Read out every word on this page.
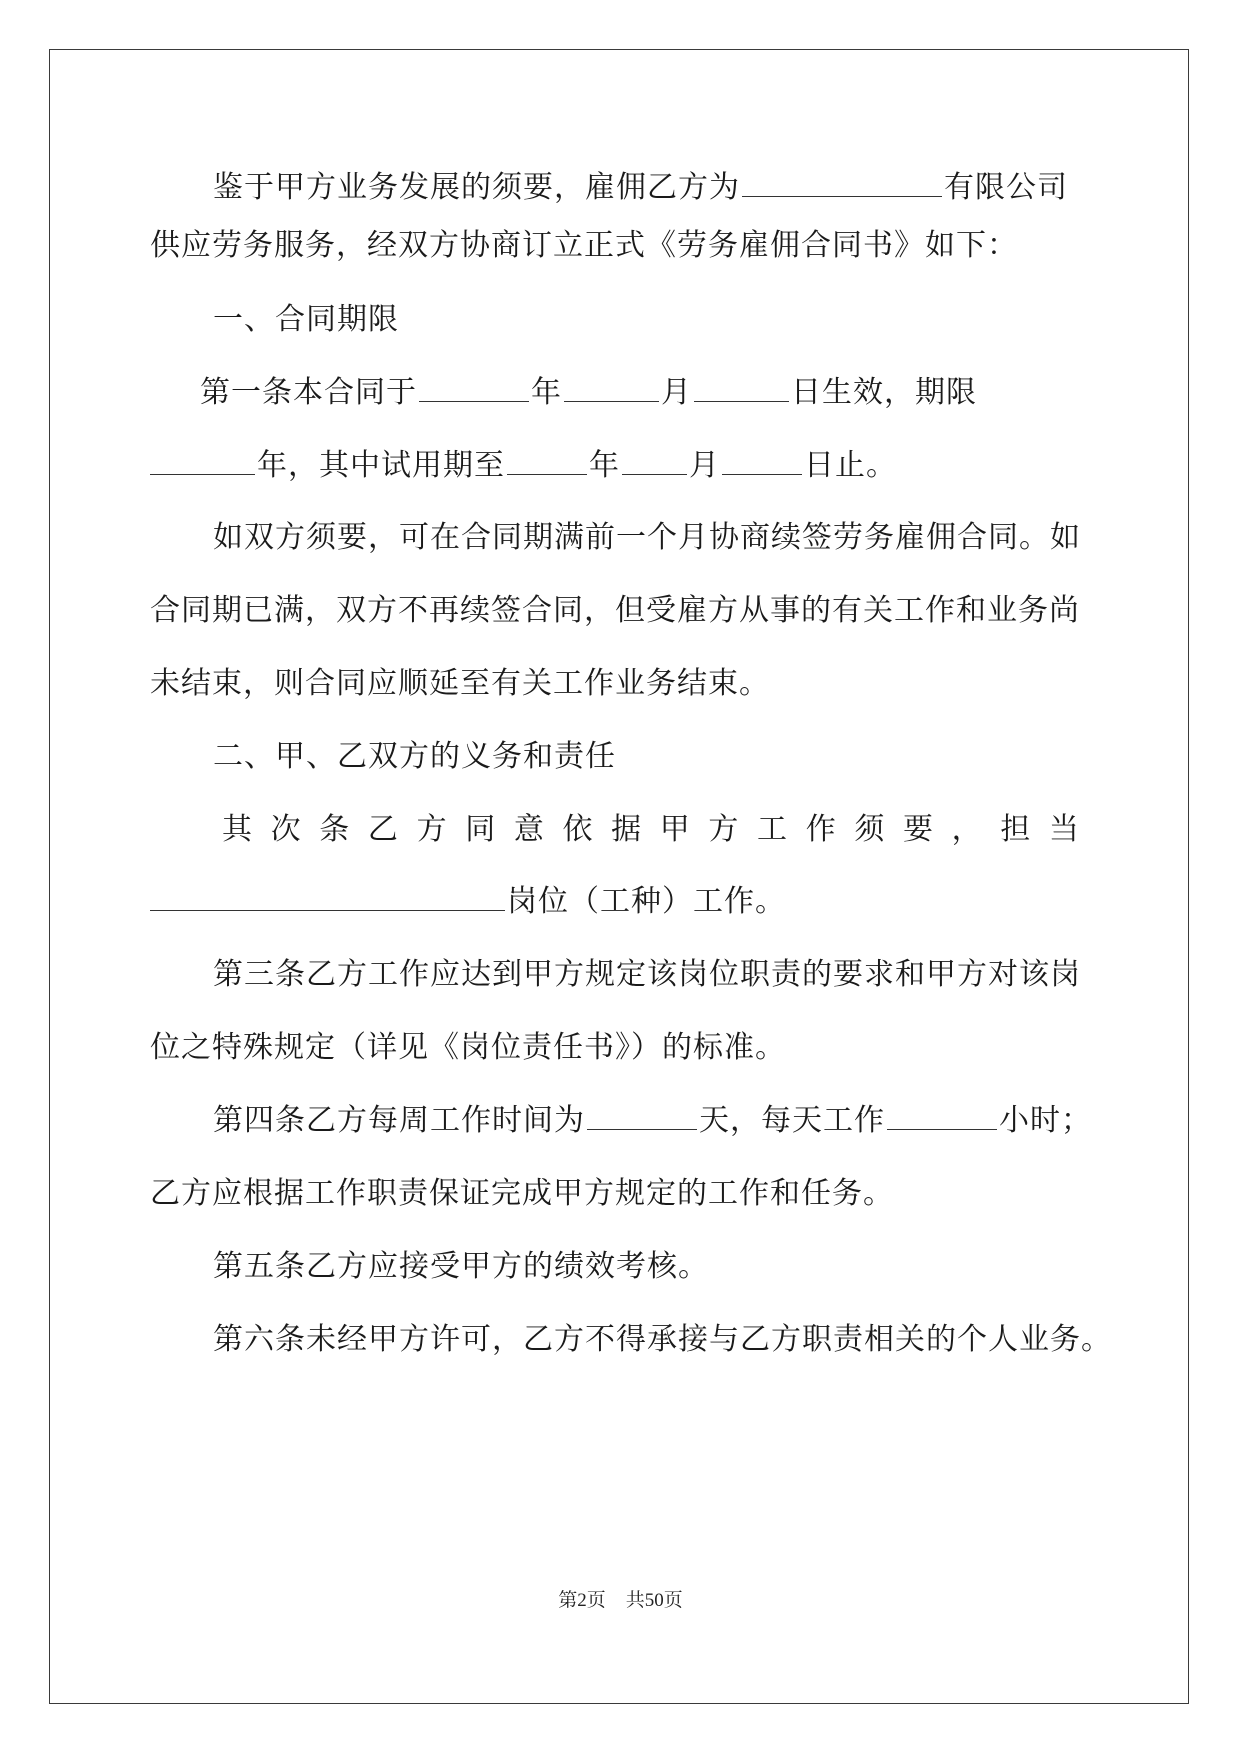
鉴于甲方业务发展的须要，雇佣乙方为	有限公司
供应劳务服务，经双方协商订立正式《劳务雇佣合同书》如下：
一、合同期限
第一条本合同于	年	月	日生效，期限
年，其中试用期至	年 月	日止。
如双方须要，可在合同期满前一个月协商续签劳务雇佣合同。如
合同期已满，双方不再续签合同，但受雇方从事的有关工作和业务尚
未结束，则合同应顺延至有关工作业务结束。
二、甲、乙双方的义务和责任
其 次 条 乙 方 同 意 依 据 甲 方 工 作 须 要 ， 担 当
岗位（工种）工作。
第三条乙方工作应达到甲方规定该岗位职责的要求和甲方对该岗
位之特殊规定（详见《岗位责任书》）的标准。
第四条乙方每周工作时间为	天，每天工作	小时；
乙方应根据工作职责保证完成甲方规定的工作和任务。
第五条乙方应接受甲方的绩效考核。
第六条未经甲方许可，乙方不得承接与乙方职责相关的个人业务。
第2页 共50页
